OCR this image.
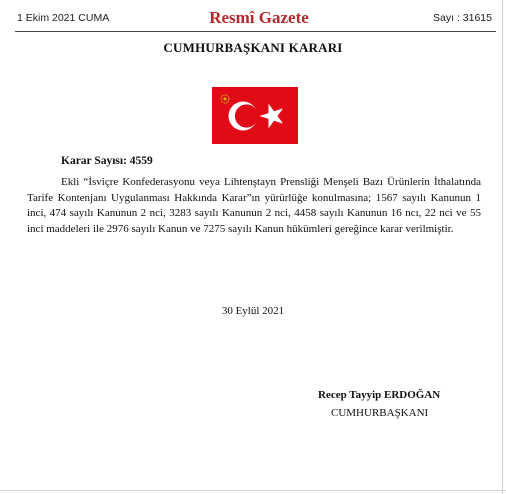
1 Ekim 2021 CUMA	Resmî Gazete	Sayı : 31615
CUMHURBAŞKANI KARARI
Karar Sayısı: 4559
Ekli “İsviçre Konfederasyonu veya Lihtenştayn Prensliği Menşeli Bazı Ürünlerin İthalatında Tarife Kontenjanı Uygulanması Hakkında Karar”ın yürürlüğe konulmasına; 1567 sayılı Kanunun 1 inci, 474 sayılı Kanunun 2 nci, 3283 sayılı Kanunun 2 nci, 4458 sayılı Kanunun 16 ncı, 22 nci ve 55 inci maddeleri ile 2976 sayılı Kanun ve 7275 sayılı Kanun hükümleri gereğince karar verilmiştir.
30 Eylül 2021
Recep Tayyip ERDOĞAN
CUMHURBAŞKANI
